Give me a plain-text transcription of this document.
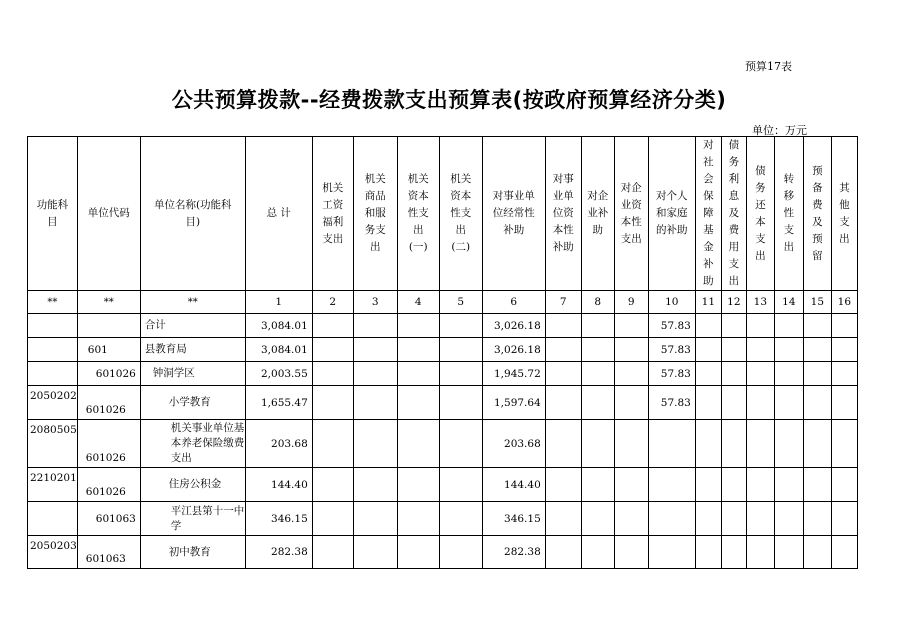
预算17表
公共预算拨款--经费拨款支出预算表(按政府预算经济分类)
单位：万元
功能科目	单位代码	单位名称(功能科目)	总 计	机关工资福利支出	机关商品和服务支出	机关资本性支出(一)	机关资本性支出(二)	对事业单位经常性补助	对事业单位资本性补助	对企业补助	对企业资本性支出	对个人和家庭的补助	对社会保障基金补助	债务利息及费用支出	债务还本支出	转移性支出	预备费及预留	其他支出
**	**	**	1	2	3	4	5	6	7	8	9	10	11	12	13	14	15	16
		合计	3,084.01					3,026.18				57.83						
	601	县教育局	3,084.01					3,026.18				57.83						
	601026	钟洞学区	2,003.55					1,945.72				57.83						
2050202	601026	小学教育	1,655.47					1,597.64				57.83						
2080505	601026	机关事业单位基本养老保险缴费支出	203.68					203.68										
2210201	601026	住房公积金	144.40					144.40										
	601063	平江县第十一中学	346.15					346.15										
2050203	601063	初中教育	282.38					282.38										
